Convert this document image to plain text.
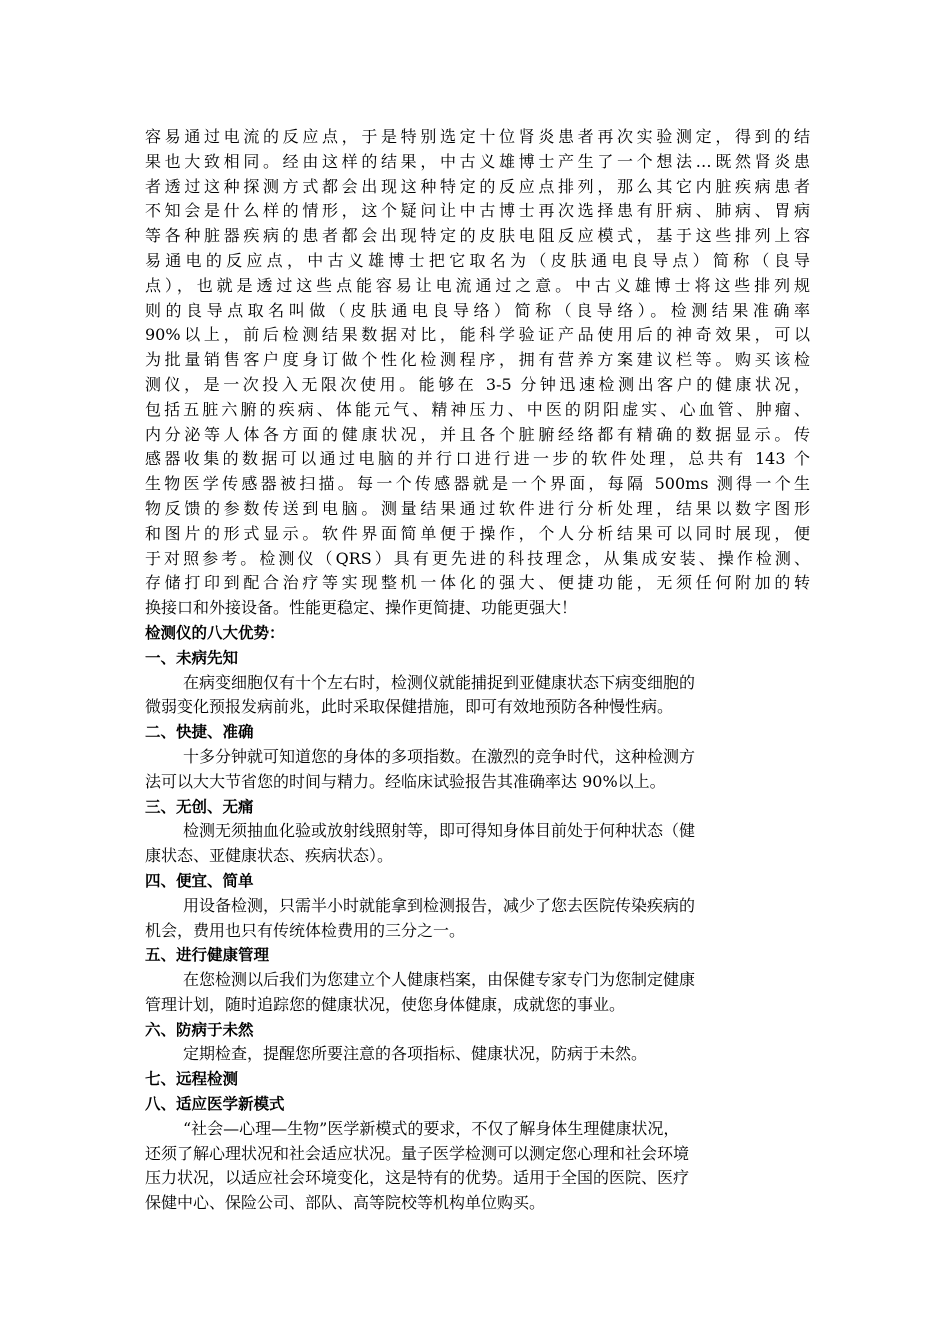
容易通过电流的反应点，于是特别选定十位肾炎患者再次实验测定，得到的结
果也大致相同。经由这样的结果，中古义雄博士产生了一个想法…既然肾炎患
者透过这种探测方式都会出现这种特定的反应点排列，那么其它内脏疾病患者
不知会是什么样的情形，这个疑问让中古博士再次选择患有肝病、肺病、胃病
等各种脏器疾病的患者都会出现特定的皮肤电阻反应模式，基于这些排列上容
易通电的反应点，中古义雄博士把它取名为（皮肤通电良导点）简称（良导
点），也就是透过这些点能容易让电流通过之意。中古义雄博士将这些排列规
则的良导点取名叫做（皮肤通电良导络）简称（良导络）。检测结果准确率
90%以上，前后检测结果数据对比，能科学验证产品使用后的神奇效果，可以
为批量销售客户度身订做个性化检测程序，拥有营养方案建议栏等。购买该检
测仪，是一次投入无限次使用。能够在 3-5 分钟迅速检测出客户的健康状况，
包括五脏六腑的疾病、体能元气、精神压力、中医的阴阳虚实、心血管、肿瘤、
内分泌等人体各方面的健康状况，并且各个脏腑经络都有精确的数据显示。传
感器收集的数据可以通过电脑的并行口进行进一步的软件处理，总共有 143 个
生物医学传感器被扫描。每一个传感器就是一个界面，每隔 500ms 测得一个生
物反馈的参数传送到电脑。测量结果通过软件进行分析处理，结果以数字图形
和图片的形式显示。软件界面简单便于操作，个人分析结果可以同时展现，便
于对照参考。检测仪（QRS）具有更先进的科技理念，从集成安装、操作检测、
存储打印到配合治疗等实现整机一体化的强大、便捷功能，无须任何附加的转
换接口和外接设备。性能更稳定、操作更简捷、功能更强大！
检测仪的八大优势：
一、未病先知
在病变细胞仅有十个左右时，检测仪就能捕捉到亚健康状态下病变细胞的
微弱变化预报发病前兆，此时采取保健措施，即可有效地预防各种慢性病。
二、快捷、准确
十多分钟就可知道您的身体的多项指数。在激烈的竞争时代，这种检测方
法可以大大节省您的时间与精力。经临床试验报告其准确率达 90%以上。
三、无创、无痛
检测无须抽血化验或放射线照射等，即可得知身体目前处于何种状态（健
康状态、亚健康状态、疾病状态）。
四、便宜、简单
用设备检测，只需半小时就能拿到检测报告，减少了您去医院传染疾病的
机会，费用也只有传统体检费用的三分之一。
五、进行健康管理
在您检测以后我们为您建立个人健康档案，由保健专家专门为您制定健康
管理计划，随时追踪您的健康状况，使您身体健康，成就您的事业。
六、防病于未然
定期检查，提醒您所要注意的各项指标、健康状况，防病于未然。
七、远程检测
八、适应医学新模式
“社会—心理—生物”医学新模式的要求，不仅了解身体生理健康状况，
还须了解心理状况和社会适应状况。量子医学检测可以测定您心理和社会环境
压力状况，以适应社会环境变化，这是特有的优势。适用于全国的医院、医疗
保健中心、保险公司、部队、高等院校等机构单位购买。
